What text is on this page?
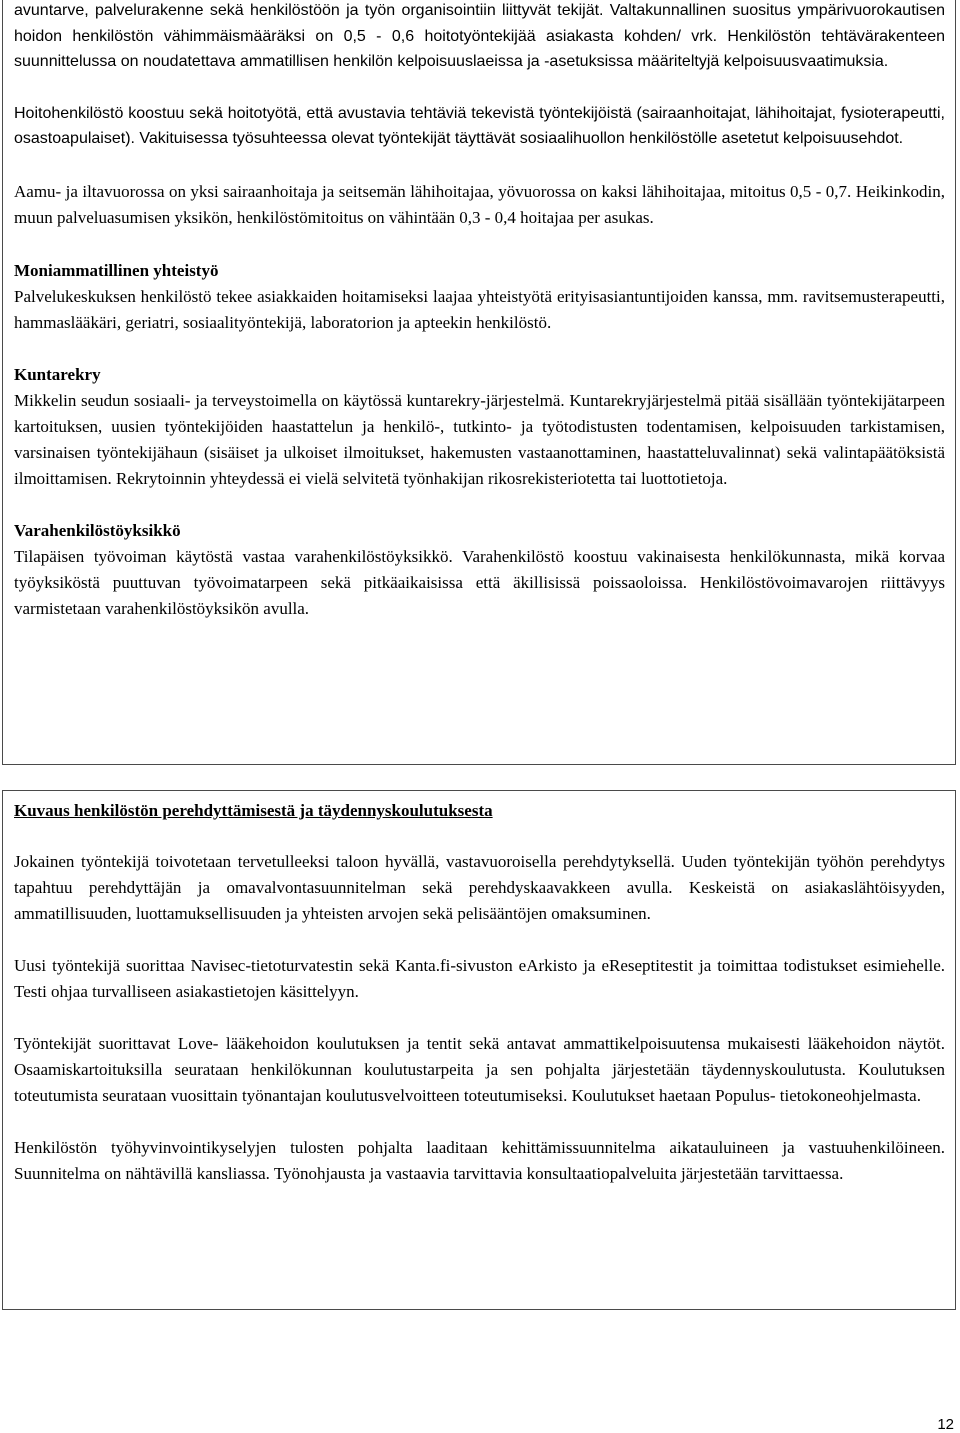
avuntarve, palvelurakenne sekä henkilöstöön ja työn organisointiin liittyvät tekijät. Valtakunnallinen suositus ympärivuorokautisen hoidon henkilöstön vähimmäismääräksi on 0,5 - 0,6 hoitotyöntekijää asiakasta kohden/ vrk. Henkilöstön tehtävärakenteen suunnittelussa on noudatettava ammatillisen henkilön kelpoisuuslaeissa ja -asetuksissa määriteltyjä kelpoisuusvaatimuksia.

Hoitohenkilöstö koostuu sekä hoitotyötä, että avustavia tehtäviä tekevistä työntekijöistä (sairaanhoitajat, lähihoitajat, fysioterapeutti, osastoapulaiset). Vakituisessa työsuhteessa olevat työntekijät täyttävät sosiaalihuollon henkilöstölle asetetut kelpoisuusehdot.

Aamu- ja iltavuorossa on yksi sairaanhoitaja ja seitsemän lähihoitajaa, yövuorossa on kaksi lähihoitajaa, mitoitus 0,5 - 0,7. Heikinkodin, muun palveluasumisen yksikön, henkilöstömitoitus on vähintään 0,3 - 0,4 hoitajaa per asukas.

Moniammatillinen yhteistyö

Palvelukeskuksen henkilöstö tekee asiakkaiden hoitamiseksi laajaa yhteistyötä erityisasiantuntijoiden kanssa, mm. ravitsemusterapeutti, hammaslääkäri, geriatri, sosiaalityöntekijä, laboratorion ja apteekin henkilöstö.

Kuntarekry

Mikkelin seudun sosiaali- ja terveystoimella on käytössä kuntarekry-järjestelmä. Kuntarekryjärjestelmä pitää sisällään työntekijätarpeen kartoituksen, uusien työntekijöiden haastattelun ja henkilö-, tutkinto- ja työtodistusten todentamisen, kelpoisuuden tarkistamisen, varsinaisen työntekijähaun (sisäiset ja ulkoiset ilmoitukset, hakemusten vastaanottaminen, haastatteluvalinnat) sekä valintapäätöksistä ilmoittamisen. Rekrytoinnin yhteydessä ei vielä selvitetä työnhakijan rikosrekisteriotetta tai luottotietoja.

Varahenkilöstöyksikkö

Tilapäisen työvoiman käytöstä vastaa varahenkilöstöyksikkö. Varahenkilöstö koostuu vakinaisesta henkilökunnasta, mikä korvaa työyksiköstä puuttuvan työvoimatarpeen sekä pitkäaikaisissa että äkillisissä poissaoloissa. Henkilöstövoimavarojen riittävyys varmistetaan varahenkilöstöyksikön avulla.

Kuvaus henkilöstön perehdyttämisestä ja täydennyskoulutuksesta

Jokainen työntekijä toivotetaan tervetulleeksi taloon hyvällä, vastavuoroisella perehdytyksellä. Uuden työntekijän työhön perehdytys tapahtuu perehdyttäjän ja omavalvontasuunnitelman sekä perehdyskaavakkeen avulla. Keskeistä on asiakaslähtöisyyden, ammatillisuuden, luottamuksellisuuden ja yhteisten arvojen sekä pelisääntöjen omaksuminen.

Uusi työntekijä suorittaa Navisec-tietoturvatestin sekä Kanta.fi-sivuston eArkisto ja eReseptitestit ja toimittaa todistukset esimiehelle. Testi ohjaa turvalliseen asiakastietojen käsittelyyn.

Työntekijät suorittavat Love- lääkehoidon koulutuksen ja tentit sekä antavat ammattikelpoisuutensa mukaisesti lääkehoidon näytöt. Osaamiskartoituksilla seurataan henkilökunnan koulutustarpeita ja sen pohjalta järjestetään täydennyskoulutusta. Koulutuksen toteutumista seurataan vuosittain työnantajan koulutusvelvoitteen toteutumiseksi. Koulutukset haetaan Populus- tietokoneohjelmasta.

Henkilöstön työhyvinvointikyselyjen tulosten pohjalta laaditaan kehittämissuunnitelma aikatauluineen ja vastuuhenkilöineen. Suunnitelma on nähtävillä kansliassa. Työnohjausta ja vastaavia tarvittavia konsultaatiopalveluita järjestetään tarvittaessa.

12
